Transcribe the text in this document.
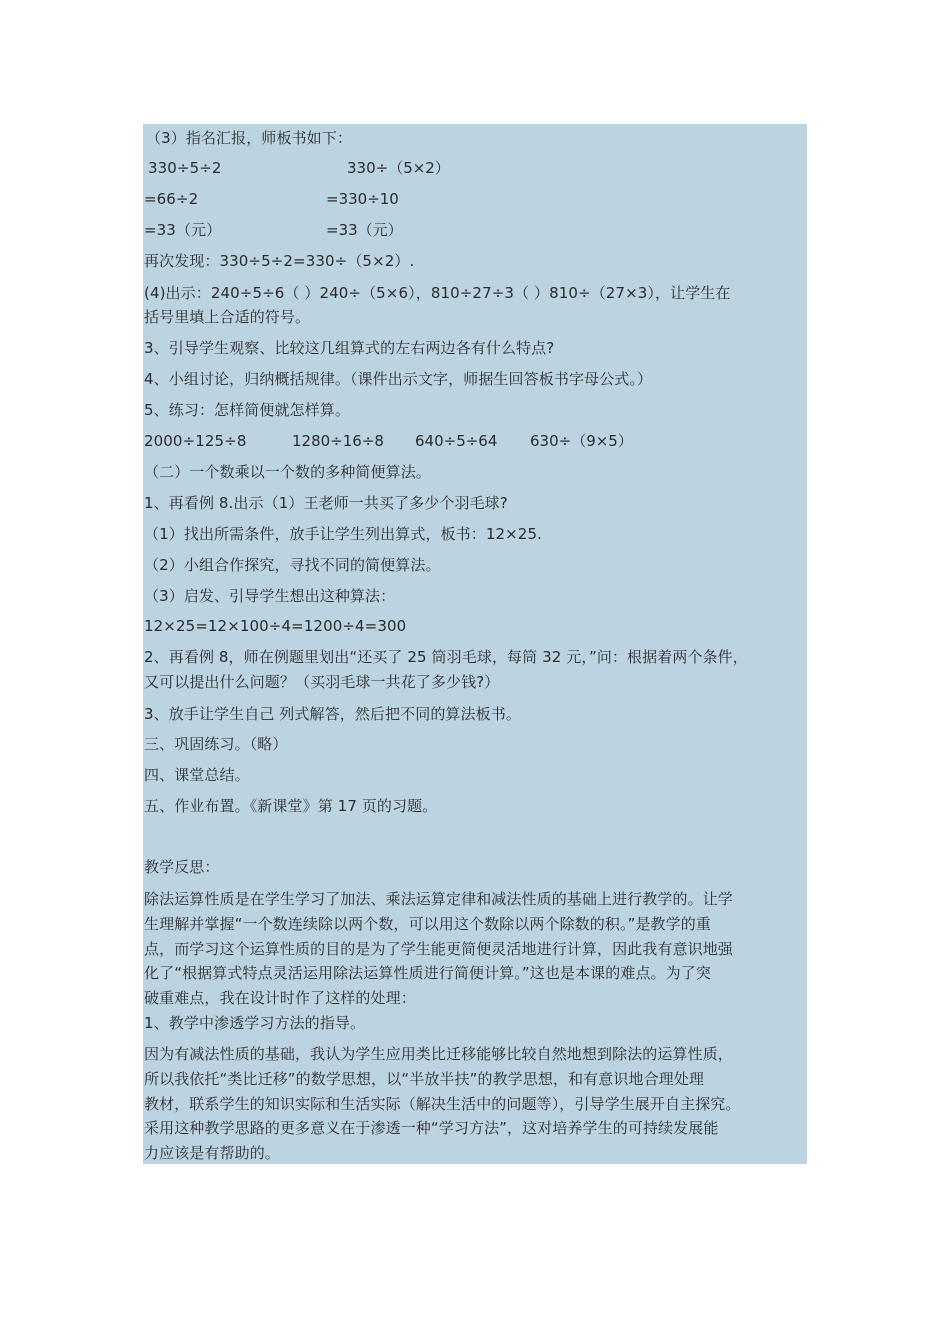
（3）指名汇报，师板书如下：
330÷5÷2	330÷（5×2）
=66÷2	=330÷10
=33（元）	=33（元）
再次发现：330÷5÷2=330÷（5×2）.
(4)出示：240÷5÷6（ ）240÷（5×6），810÷27÷3（ ）810÷（27×3），让学生在
括号里填上合适的符号。
3、引导学生观察、比较这几组算式的左右两边各有什么特点?
4、小组讨论，归纳概括规律。（课件出示文字，师据生回答板书字母公式。）
5、练习：怎样简便就怎样算。
2000÷125÷8	1280÷16÷8 640÷5÷64 630÷（9×5）
（二）一个数乘以一个数的多种简便算法。
1、再看例 8.出示（1）王老师一共买了多少个羽毛球?
（1）找出所需条件，放手让学生列出算式，板书：12×25.
（2）小组合作探究，寻找不同的简便算法。
（3）启发、引导学生想出这种算法：
12×25=12×100÷4=1200÷4=300
2、再看例 8，师在例题里划出“还买了 25 筒羽毛球，每筒 32 元，”问：根据着两个条件，
又可以提出什么问题？（买羽毛球一共花了多少钱?）
3、放手让学生自己 列式解答，然后把不同的算法板书。
三、巩固练习。（略）
四、课堂总结。
五、作业布置。《新课堂》第 17 页的习题。
教学反思：
除法运算性质是在学生学习了加法、乘法运算定律和减法性质的基础上进行教学的。让学
生理解并掌握“一个数连续除以两个数，可以用这个数除以两个除数的积。”是教学的重
点，而学习这个运算性质的目的是为了学生能更简便灵活地进行计算，因此我有意识地强
化了“根据算式特点灵活运用除法运算性质进行简便计算。”这也是本课的难点。为了突
破重难点，我在设计时作了这样的处理：
1、教学中渗透学习方法的指导。
因为有减法性质的基础，我认为学生应用类比迁移能够比较自然地想到除法的运算性质，
所以我依托“类比迁移”的数学思想，以“半放半扶”的教学思想，和有意识地合理处理
教材，联系学生的知识实际和生活实际（解决生活中的问题等），引导学生展开自主探究。
采用这种教学思路的更多意义在于渗透一种“学习方法”，这对培养学生的可持续发展能
力应该是有帮助的。
